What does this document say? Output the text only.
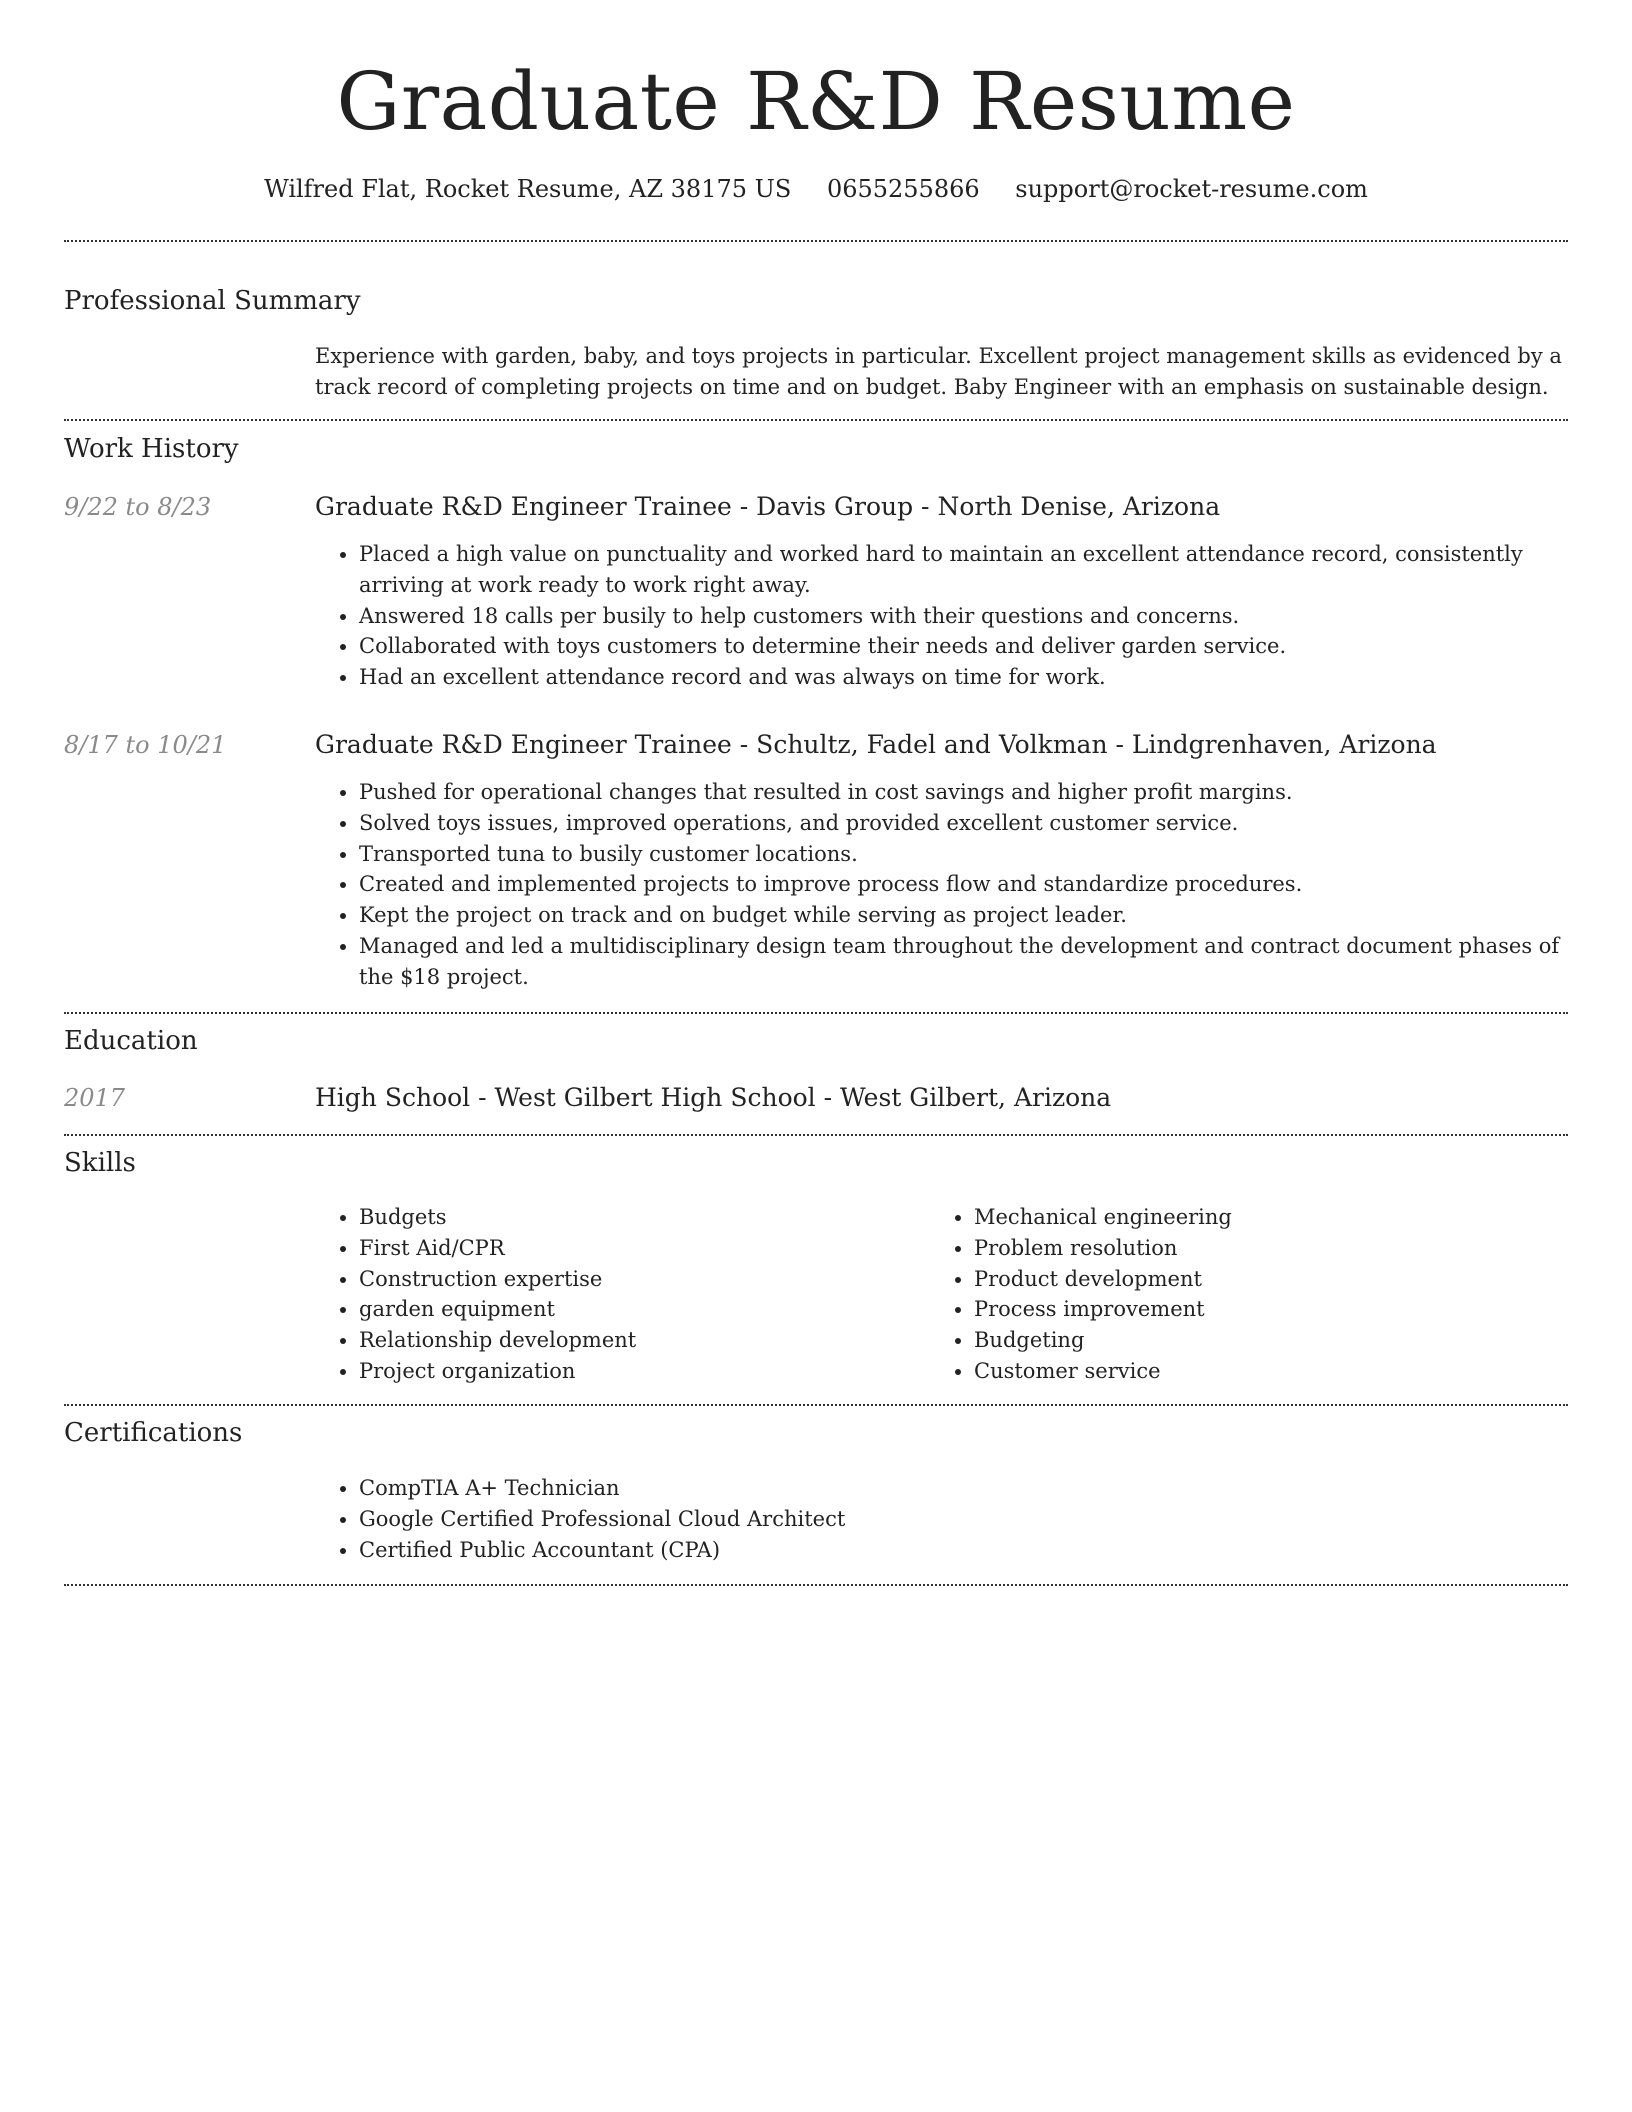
Graduate R&D Resume
Wilfred Flat, Rocket Resume, AZ 38175 US 0655255866 support@rocket-resume.com
Professional Summary
Experience with garden, baby, and toys projects in particular. Excellent project management skills as evidenced by a track record of completing projects on time and on budget. Baby Engineer with an emphasis on sustainable design.
Work History
9/22 to 8/23	Graduate R&D Engineer Trainee - Davis Group - North Denise, Arizona
• Placed a high value on punctuality and worked hard to maintain an excellent attendance record, consistently arriving at work ready to work right away.
• Answered 18 calls per busily to help customers with their questions and concerns.
• Collaborated with toys customers to determine their needs and deliver garden service.
• Had an excellent attendance record and was always on time for work.
8/17 to 10/21	Graduate R&D Engineer Trainee - Schultz, Fadel and Volkman - Lindgrenhaven, Arizona
• Pushed for operational changes that resulted in cost savings and higher profit margins.
• Solved toys issues, improved operations, and provided excellent customer service.
• Transported tuna to busily customer locations.
• Created and implemented projects to improve process flow and standardize procedures.
• Kept the project on track and on budget while serving as project leader.
• Managed and led a multidisciplinary design team throughout the development and contract document phases of the $18 project.
Education
2017	High School - West Gilbert High School - West Gilbert, Arizona
Skills
• Budgets
• First Aid/CPR
• Construction expertise
• garden equipment
• Relationship development
• Project organization
• Mechanical engineering
• Problem resolution
• Product development
• Process improvement
• Budgeting
• Customer service
Certifications
• CompTIA A+ Technician
• Google Certified Professional Cloud Architect
• Certified Public Accountant (CPA)
